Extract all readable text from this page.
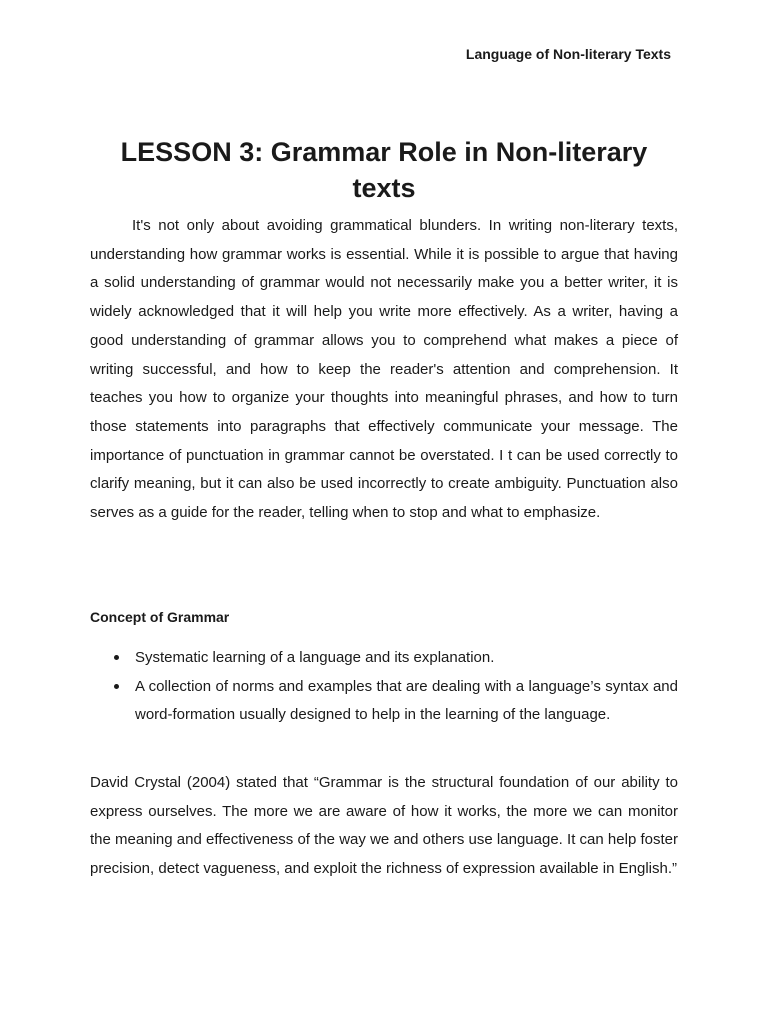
Language of Non-literary Texts
LESSON 3: Grammar Role in Non-literary texts

It's not only about avoiding grammatical blunders. In writing non-literary texts, understanding how grammar works is essential. While it is possible to argue that having a solid understanding of grammar would not necessarily make you a better writer, it is widely acknowledged that it will help you write more effectively. As a writer, having a good understanding of grammar allows you to comprehend what makes a piece of writing successful, and how to keep the reader's attention and comprehension. It teaches you how to organize your thoughts into meaningful phrases, and how to turn those statements into paragraphs that effectively communicate your message. The importance of punctuation in grammar cannot be overstated. I t can be used correctly to clarify meaning, but it can also be used incorrectly to create ambiguity. Punctuation also serves as a guide for the reader, telling when to stop and what to emphasize.

Concept of Grammar
Systematic learning of a language and its explanation.
A collection of norms and examples that are dealing with a language’s syntax and word-formation usually designed to help in the learning of the language.

David Crystal (2004) stated that “Grammar is the structural foundation of our ability to express ourselves. The more we are aware of how it works, the more we can monitor the meaning and effectiveness of the way we and others use language. It can help foster precision, detect vagueness, and exploit the richness of expression available in English.”
